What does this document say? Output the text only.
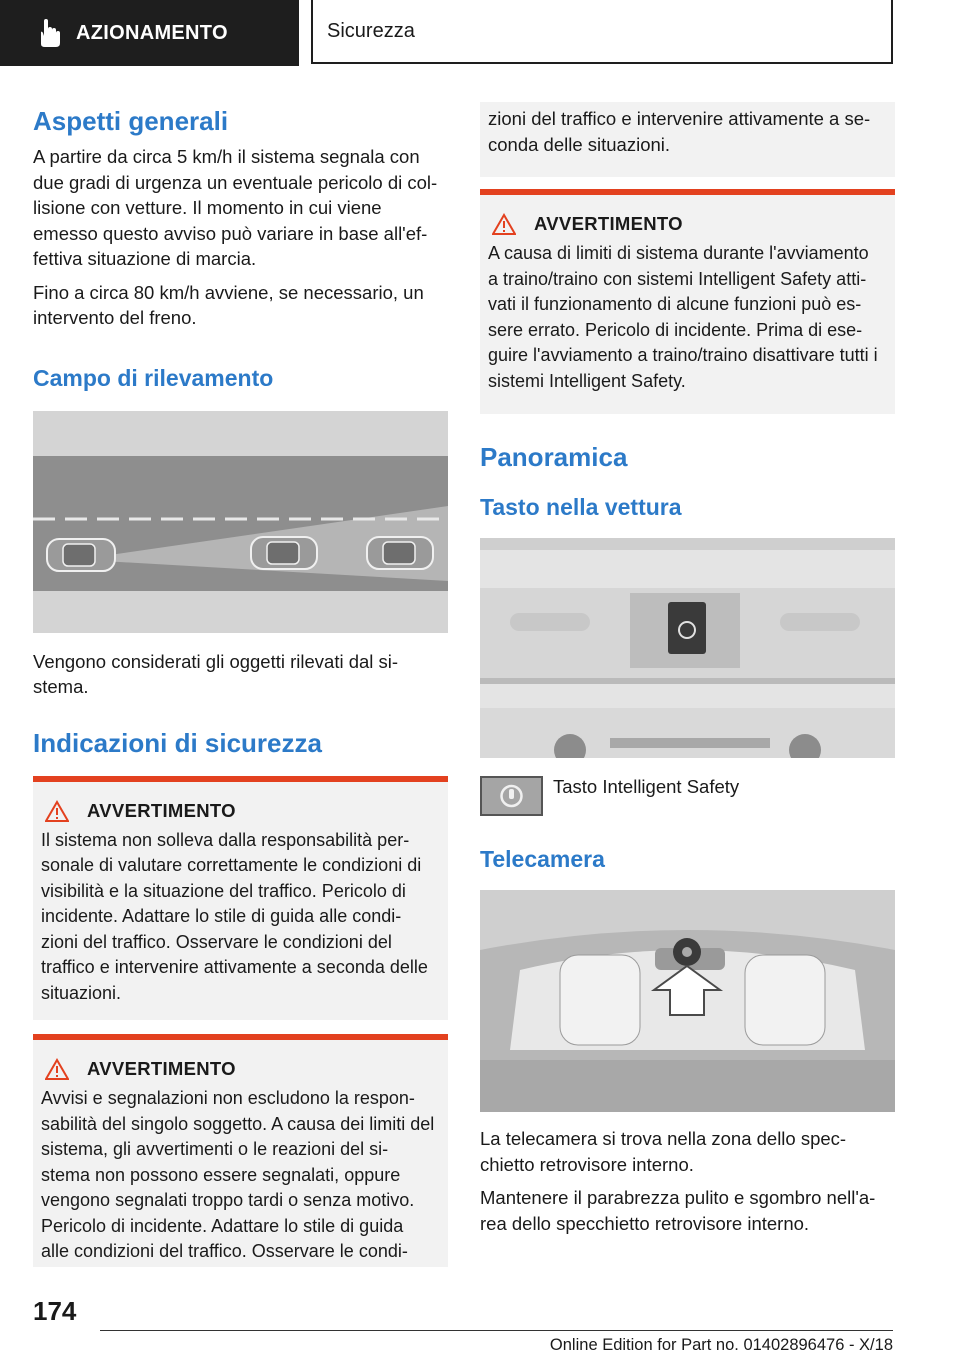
AZIONAMENTO	Sicurezza
Aspetti generali

A partire da circa 5 km/h il sistema segnala con due gradi di urgenza un eventuale pericolo di col‐lisione con vetture. Il momento in cui viene emesso questo avviso può variare in base all'ef‐fettiva situazione di marcia.

Fino a circa 80 km/h avviene, se necessario, un intervento del freno.

Campo di rilevamento

Vengono considerati gli oggetti rilevati dal si‐stema.

Indicazioni di sicurezza
AVVERTIMENTO

Il sistema non solleva dalla responsabilità per‐sonale di valutare correttamente le condizioni di visibilità e la situazione del traffico. Pericolo di incidente. Adattare lo stile di guida alle condi‐zioni del traffico. Osservare le condizioni del traffico e intervenire attivamente a seconda delle situazioni.

AVVERTIMENTO

Avvisi e segnalazioni non escludono la respon‐sabilità del singolo soggetto. A causa dei limiti del sistema, gli avvertimenti o le reazioni del si‐stema non possono essere segnalati, oppure vengono segnalati troppo tardi o senza motivo. Pericolo di incidente. Adattare lo stile di guida alle condizioni del traffico. Osservare le condi‐

zioni del traffico e intervenire attivamente a se‐conda delle situazioni.

AVVERTIMENTO

A causa di limiti di sistema durante l'avviamento a traino/traino con sistemi Intelligent Safety atti‐vati il funzionamento di alcune funzioni può es‐sere errato. Pericolo di incidente. Prima di ese‐guire l'avviamento a traino/traino disattivare tutti i sistemi Intelligent Safety.

Panoramica
Tasto nella vettura

Tasto Intelligent Safety

Telecamera

La telecamera si trova nella zona dello spec‐chietto retrovisore interno.

Mantenere il parabrezza pulito e sgombro nell'a‐rea dello specchietto retrovisore interno.

174
Online Edition for Part no. 01402896476 - X/18
